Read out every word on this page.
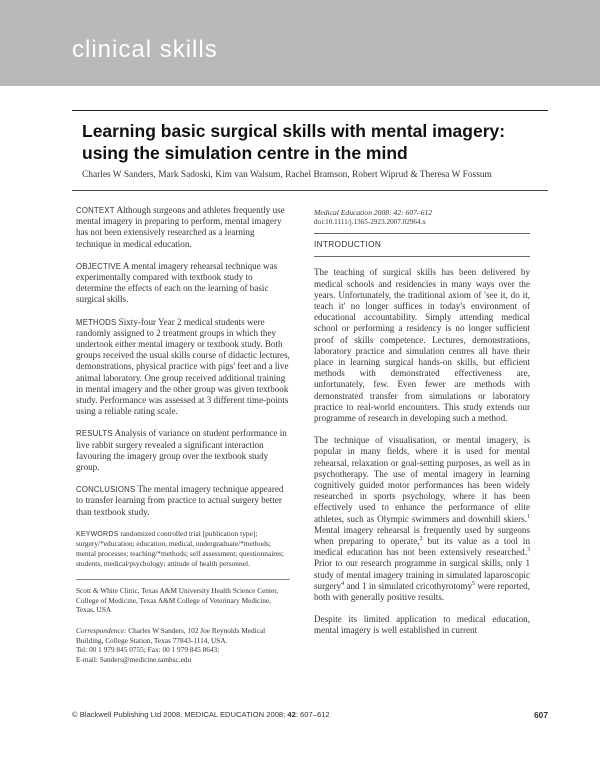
clinical skills
Learning basic surgical skills with mental imagery:
using the simulation centre in the mind
Charles W Sanders, Mark Sadoski, Kim van Walsum, Rachel Bramson, Robert Wiprud & Theresa W Fossum

CONTEXT Although surgeons and athletes frequently use mental imagery in preparing to perform, mental imagery has not been extensively researched as a learning technique in medical education.

OBJECTIVE A mental imagery rehearsal technique was experimentally compared with textbook study to determine the effects of each on the learning of basic surgical skills.

METHODS Sixty-four Year 2 medical students were randomly assigned to 2 treatment groups in which they undertook either mental imagery or textbook study. Both groups received the usual skills course of didactic lectures, demonstrations, physical practice with pigs' feet and a live animal laboratory. One group received additional training in mental imagery and the other group was given textbook study. Performance was assessed at 3 different time-points using a reliable rating scale.

RESULTS Analysis of variance on student performance in live rabbit surgery revealed a significant interaction favouring the imagery group over the textbook study group.

CONCLUSIONS The mental imagery technique appeared to transfer learning from practice to actual surgery better than textbook study.

KEYWORDS randomized controlled trial [publication type]; surgery/*education; education, medical, undergraduate/*methods; mental processes; teaching/*methods; self assessment; questionnaires; students, medical/psychology; attitude of health personnel.

Scott & White Clinic, Texas A&M University Health Science Center, College of Medicine, Texas A&M College of Veterinary Medicine, Texas, USA

Correspondence: Charles W Sanders, 102 Joe Reynolds Medical Building, College Station, Texas 77843-1114, USA.
Tel: 00 1 979 845 0755; Fax: 00 1 979 845 8643;
E-mail: Sanders@medicine.tamhsc.edu

Medical Education 2008: 42: 607–612
doi:10.1111/j.1365-2923.2007.02964.x
INTRODUCTION

The teaching of surgical skills has been delivered by medical schools and residencies in many ways over the years. Unfortunately, the traditional axiom of 'see it, do it, teach it' no longer suffices in today's environment of educational accountability. Simply attending medical school or performing a residency is no longer sufficient proof of skills competence. Lectures, demonstrations, laboratory practice and simulation centres all have their place in learning surgical hands-on skills, but efficient methods with demonstrated effectiveness are, unfortunately, few. Even fewer are methods with demonstrated transfer from simulations or laboratory practice to real-world encounters. This study extends our programme of research in developing such a method.

The technique of visualisation, or mental imagery, is popular in many fields, where it is used for mental rehearsal, relaxation or goal-setting purposes, as well as in psychotherapy. The use of mental imagery in learning cognitively guided motor performances has been widely researched in sports psychology, where it has been effectively used to enhance the performance of elite athletes, such as Olympic swimmers and downhill skiers.$^1$ Mental imagery rehearsal is frequently used by surgeons when preparing to operate,$^2$ but its value as a tool in medical education has not been extensively researched.$^3$ Prior to our research programme in surgical skills, only 1 study of mental imagery training in simulated laparoscopic surgery$^4$ and 1 in simulated cricothyrotomy$^5$ were reported, both with generally positive results.

Despite its limited application to medical education, mental imagery is well established in current

© Blackwell Publishing Ltd 2008. MEDICAL EDUCATION 2008; 42: 607–612	607
